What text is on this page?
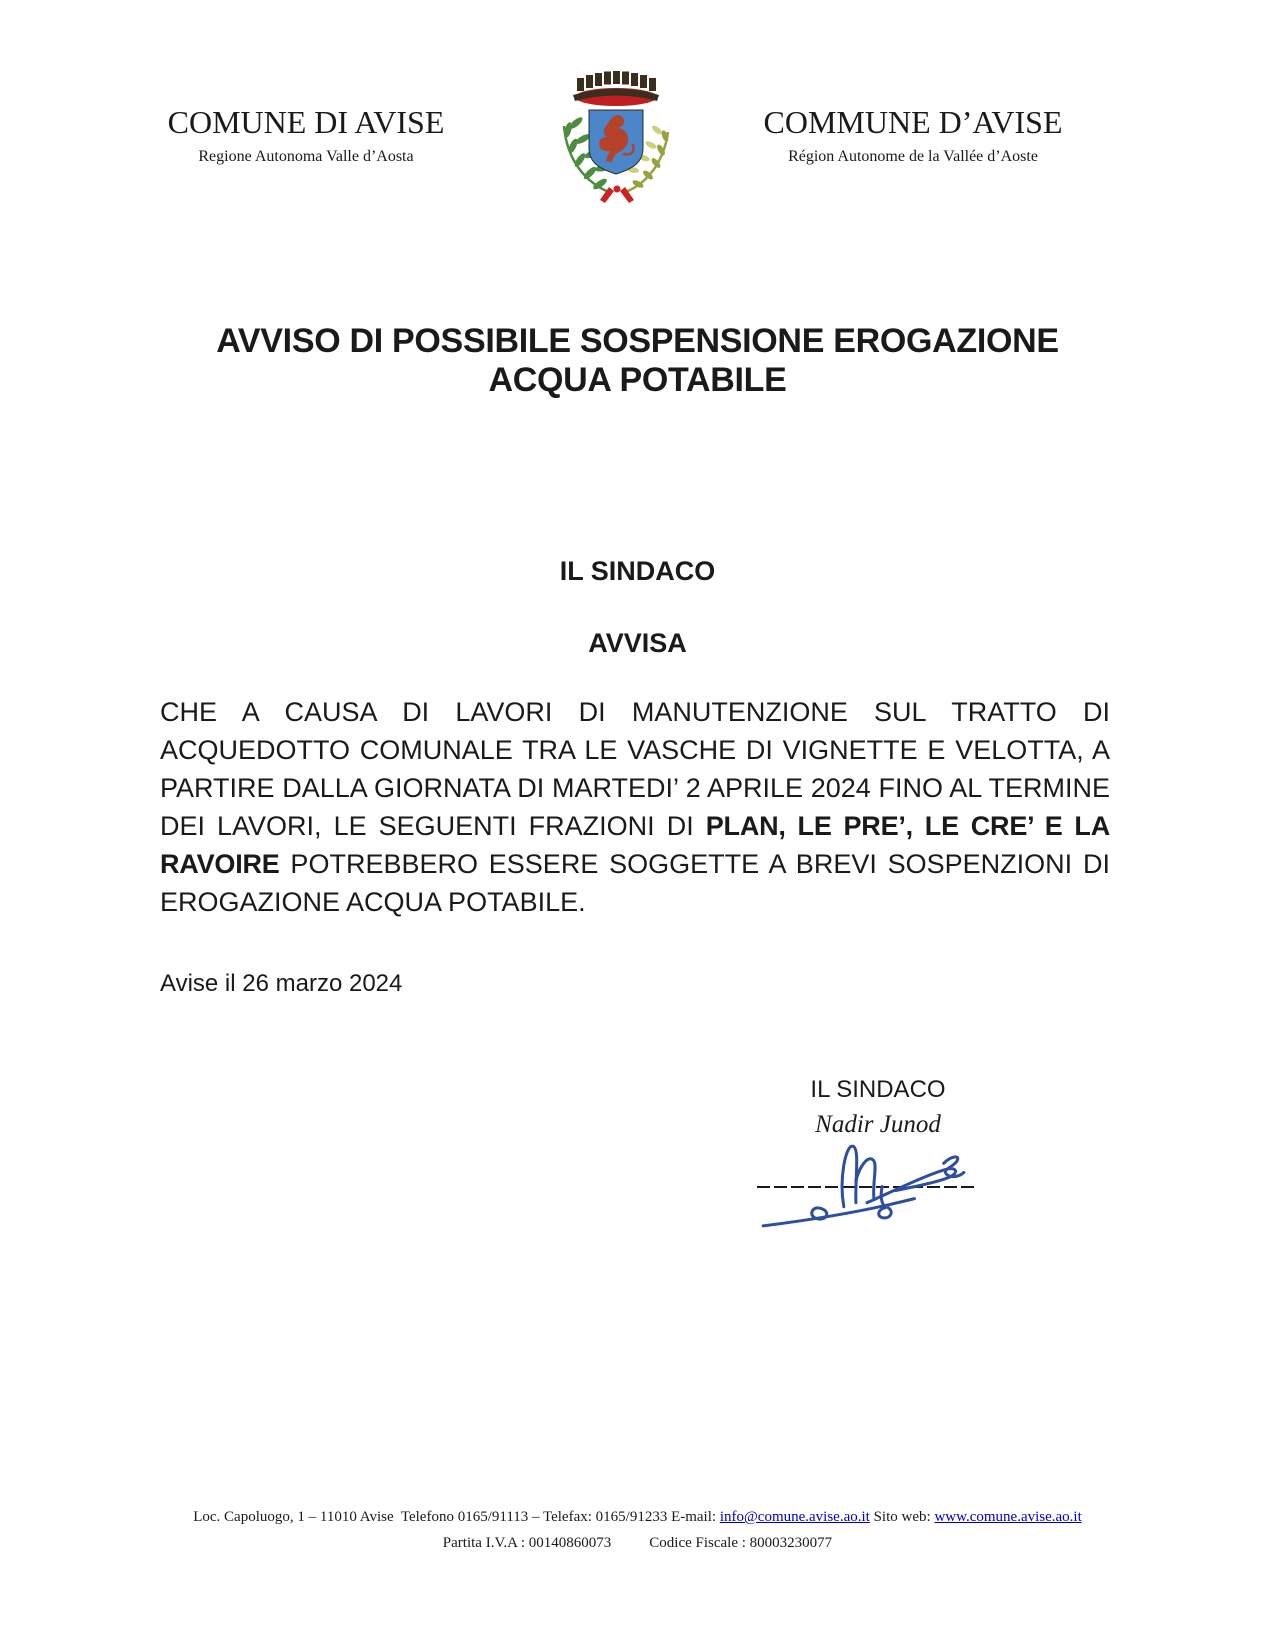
COMUNE DI AVISE
Regione Autonoma Valle d’Aosta
COMMUNE D’AVISE
Région Autonome de la Vallée d’Aoste
AVVISO DI POSSIBILE SOSPENSIONE EROGAZIONE
ACQUA POTABILE
IL SINDACO
AVVISA

CHE A CAUSA DI LAVORI DI MANUTENZIONE SUL TRATTO DI ACQUEDOTTO COMUNALE TRA LE VASCHE DI VIGNETTE E VELOTTA, A PARTIRE DALLA GIORNATA DI MARTEDI’ 2 APRILE 2024 FINO AL TERMINE DEI LAVORI, LE SEGUENTI FRAZIONI DI PLAN, LE PRE’, LE CRE’ E LA RAVOIRE POTREBBERO ESSERE SOGGETTE A BREVI SOSPENZIONI DI EROGAZIONE ACQUA POTABILE.

Avise il 26 marzo 2024
IL SINDACO
Nadir Junod
Loc. Capoluogo, 1 – 11010 Avise  Telefono 0165/91113 – Telefax: 0165/91233 E-mail: info@comune.avise.ao.it Sito web: www.comune.avise.ao.it
Partita I.V.A : 00140860073	Codice Fiscale : 80003230077
